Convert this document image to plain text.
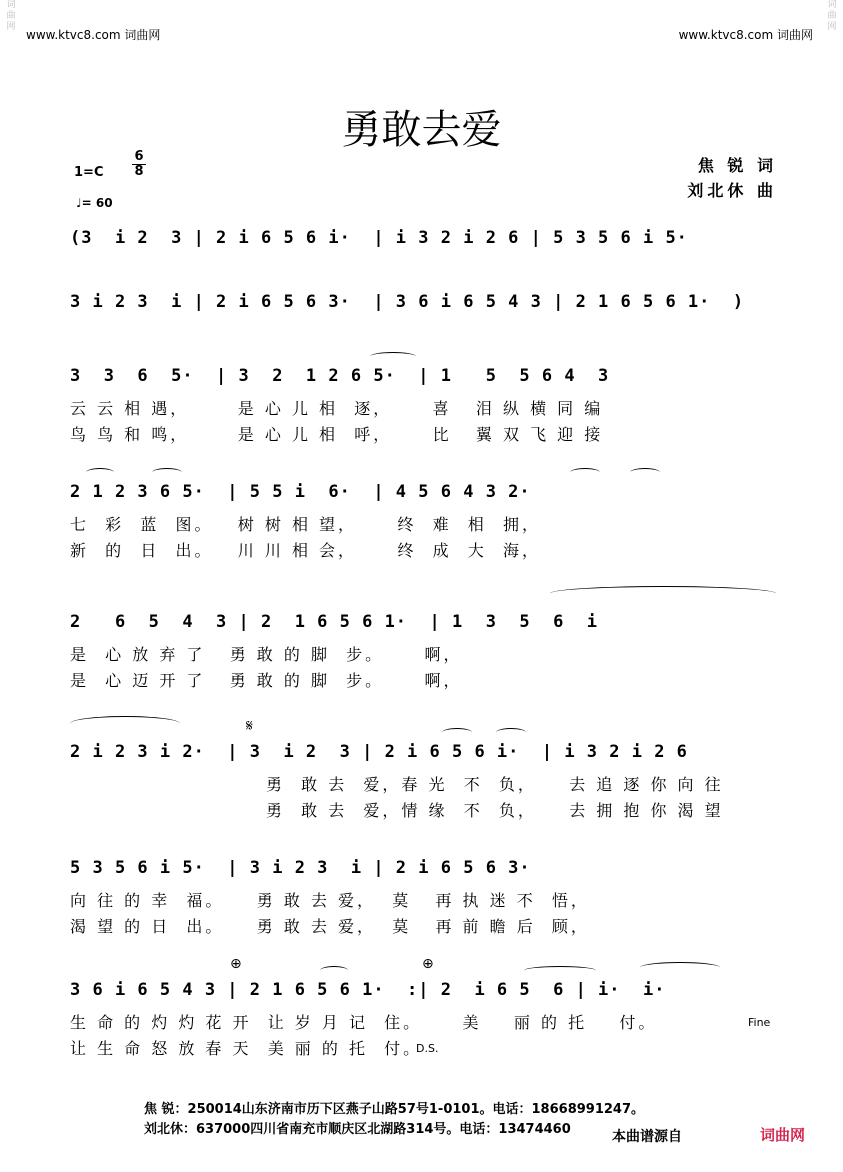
词
曲
网
词
曲
网
www.ktvc8.com 词曲网	www.ktvc8.com 词曲网
勇敢去爱
1=C
6
8
♩= 60
焦 锐 词
刘北休 曲
(3  i 2  3 | 2 i 6 5 6 i·  | i 3 2 i 2 6 | 5 3 5 6 i 5·
3 i 2 3  i | 2 i 6 5 6 3·  | 3 6 i 6 5 4 3 | 2 1 6 5 6 1·  )
3  3  6  5·  | 3  2  1 2 6 5·  | 1   5  5 6 4  3
云 云 相 遇，      是 心 儿 相  逐，     喜   泪 纵 横 同 编
鸟 鸟 和 鸣，      是 心 儿 相  呼，     比   翼 双 飞 迎 接
2 1 2 3 6 5·  | 5 5 i  6·  | 4 5 6 4 3 2·
七  彩  蓝  图。   树 树 相 望，     终  难  相  拥，
新  的  日  出。   川 川 相 会，     终  成  大  海，
2   6  5  4  3 | 2  1 6 5 6 1·  | 1  3  5  6  i
是  心 放 弃 了   勇 敢 的 脚  步。     啊，
是  心 迈 开 了   勇 敢 的 脚  步。     啊，
𝄋
2 i 2 3 i 2·  | 3  i 2  3 | 2 i 6 5 6 i·  | i 3 2 i 2 6
勇  敢 去  爱，春 光  不  负，    去 追 逐 你 向 往
勇  敢 去  爱，情 缘  不  负，    去 拥 抱 你 渴 望
5 3 5 6 i 5·  | 3 i 2 3  i | 2 i 6 5 6 3·
向 往 的 幸  福。    勇 敢 去 爱，  莫   再 执 迷 不  悟，
渴 望 的 日  出。    勇 敢 去 爱，  莫   再 前 瞻 后  顾，
⊕	⊕
3 6 i 6 5 4 3 | 2 1 6 5 6 1·  :| 2  i 6 5  6 | i·  i·
生 命 的 灼 灼 花 开  让 岁 月 记  住。     美    丽 的 托    付。
让 生 命 怒 放 春 天  美 丽 的 托  付。
Fine
D.S.
焦 锐：250014山东济南市历下区燕子山路57号1-0101。电话：18668991247。
刘北休：637000四川省南充市顺庆区北湖路314号。电话：13474460	本曲谱源自	词曲网
